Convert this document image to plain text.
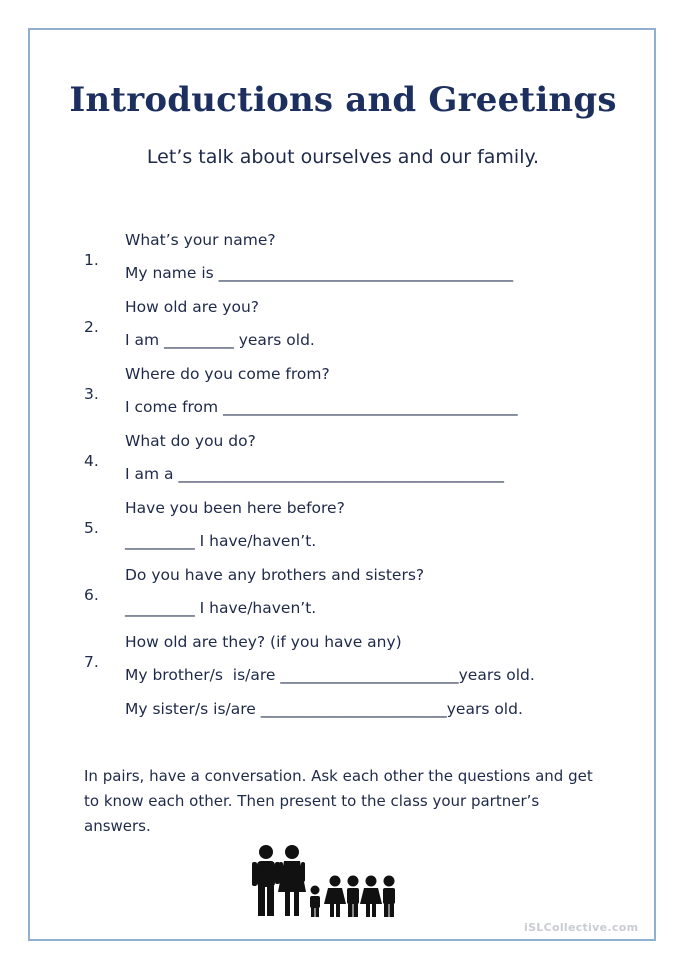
Introductions and Greetings
Let’s talk about ourselves and our family.

1.

What’s your name?
My name is ______________________________________

2.

How old are you?
I am _________ years old.

3.

Where do you come from?
I come from ______________________________________

4.

What do you do?
I am a __________________________________________

5.

Have you been here before?
_________ I have/haven’t.

6.

Do you have any brothers and sisters?
_________ I have/haven’t.

7.

How old are they? (if you have any)
My brother/s  is/are _______________________years old.
My sister/s is/are ________________________years old.
In pairs, have a conversation. Ask each other the questions and get to know each other. Then present to the class your partner’s answers.
iSLCollective.com
